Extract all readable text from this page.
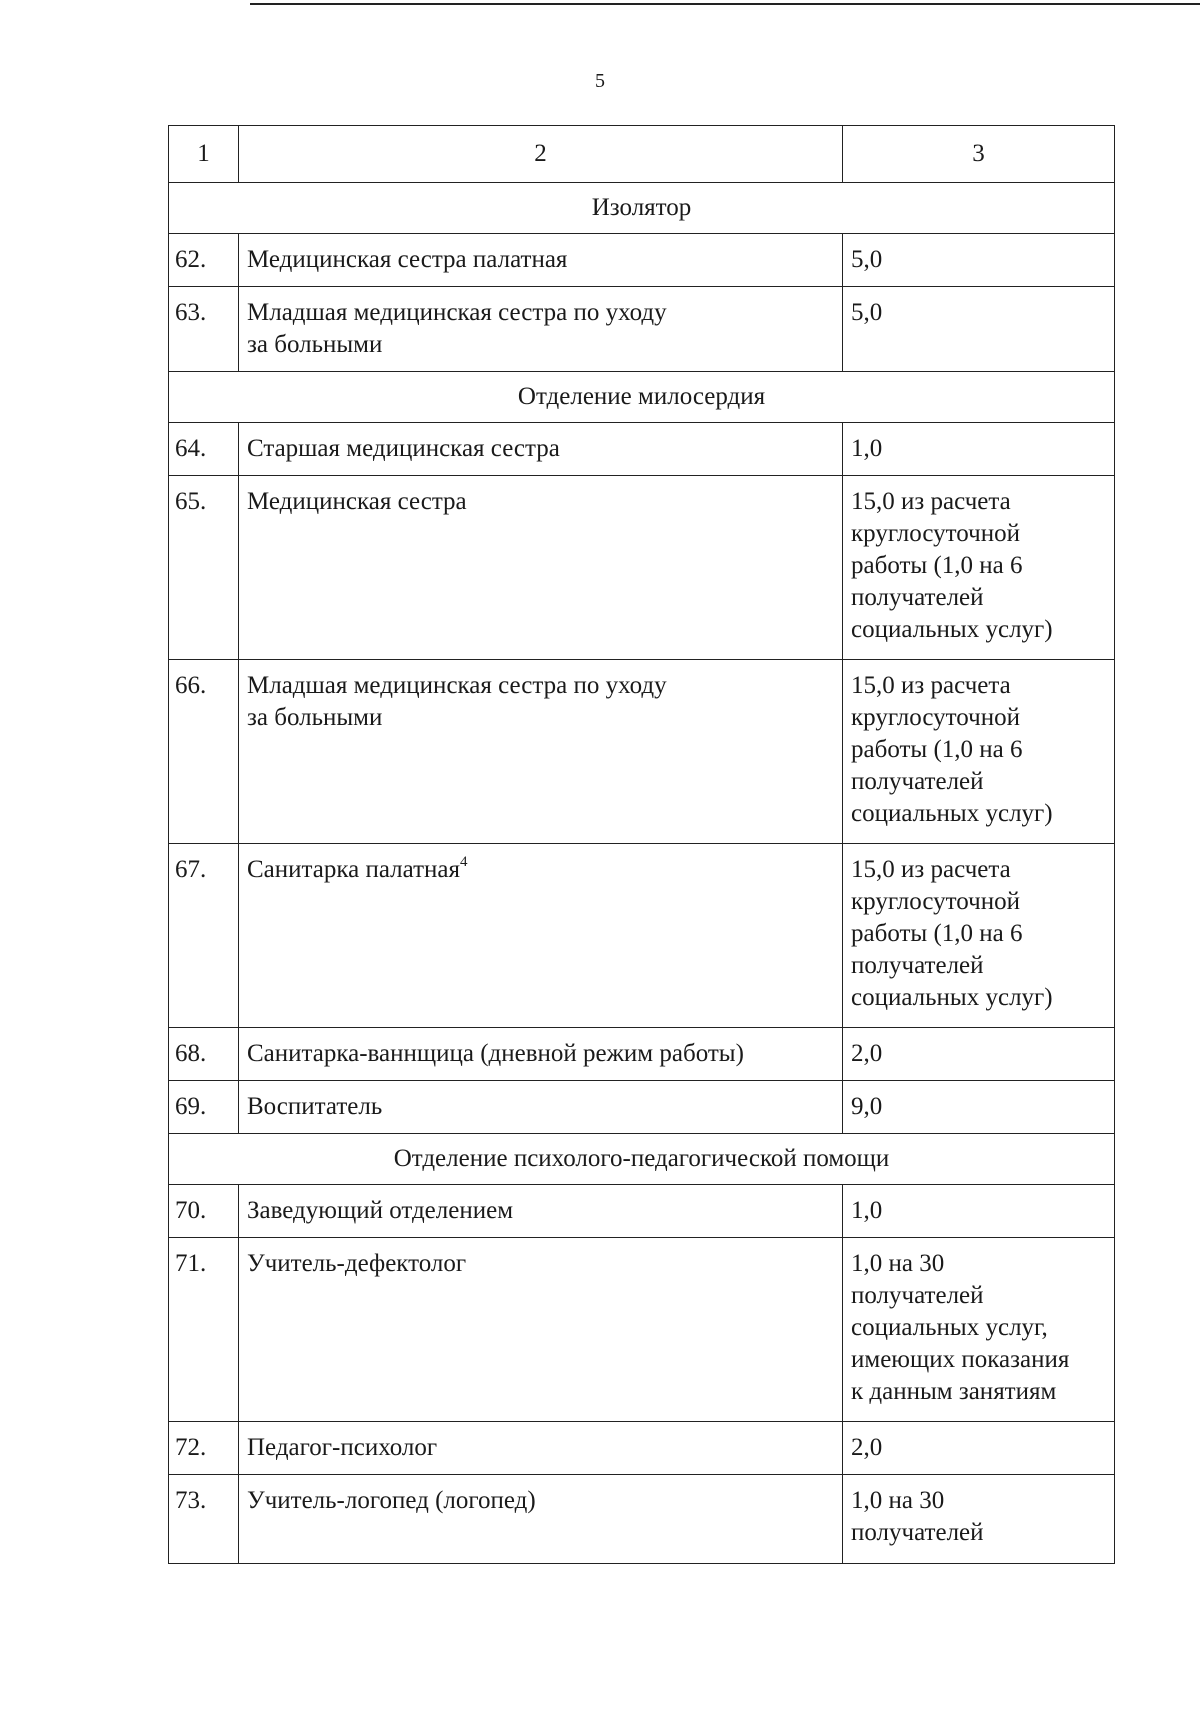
5
1	2	3
Изолятор		
62.	Медицинская сестра палатная	5,0

63.	Младшая медицинская сестра по уходу
за больными	5,0

Отделение милосердия		
64.	Старшая медицинская сестра	1,0

65.	Медицинская сестра	15,0 из расчета
круглосуточной
работы (1,0 на 6
получателей
социальных услуг)

66.	Младшая медицинская сестра по уходу
за больными	15,0 из расчета
круглосуточной
работы (1,0 на 6
получателей
социальных услуг)

67.	Санитарка палатная$^4$	15,0 из расчета
круглосуточной
работы (1,0 на 6
получателей
социальных услуг)

68.	Санитарка-ваннщица (дневной режим работы)	2,0

69.	Воспитатель	9,0

Отделение психолого-педагогической помощи		
70.	Заведующий отделением	1,0

71.	Учитель-дефектолог	1,0 на 30
получателей
социальных услуг,
имеющих показания
к данным занятиям

72.	Педагог-психолог	2,0

73.	Учитель-логопед (логопед)	1,0 на 30
получателей
